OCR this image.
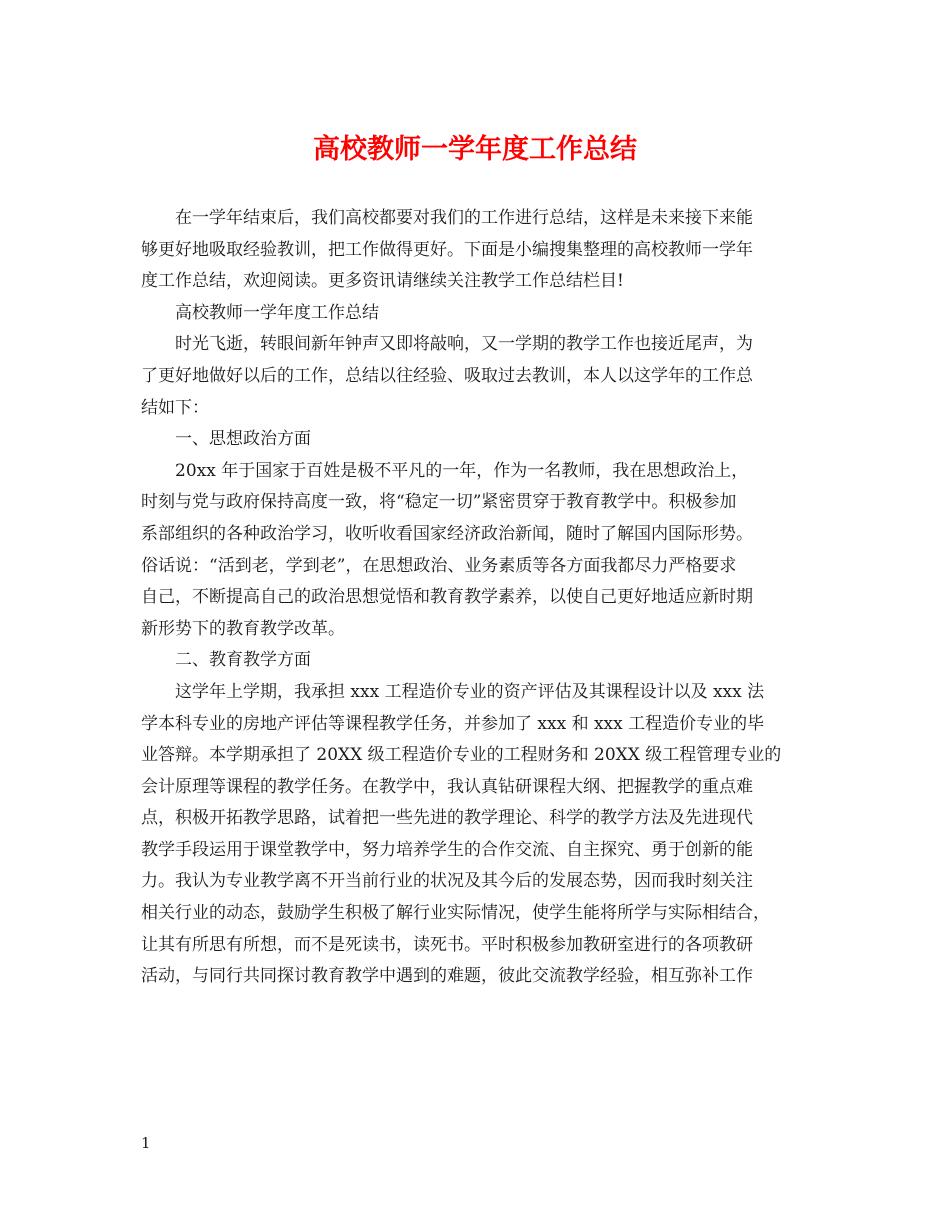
高校教师一学年度工作总结
在一学年结束后，我们高校都要对我们的工作进行总结，这样是未来接下来能
够更好地吸取经验教训，把工作做得更好。下面是小编搜集整理的高校教师一学年
度工作总结，欢迎阅读。更多资讯请继续关注教学工作总结栏目!
高校教师一学年度工作总结
时光飞逝，转眼间新年钟声又即将敲响，又一学期的教学工作也接近尾声，为
了更好地做好以后的工作，总结以往经验、吸取过去教训，本人以这学年的工作总
结如下：
一、思想政治方面
20xx 年于国家于百姓是极不平凡的一年，作为一名教师，我在思想政治上，
时刻与党与政府保持高度一致，将“稳定一切”紧密贯穿于教育教学中。积极参加
系部组织的各种政治学习，收听收看国家经济政治新闻，随时了解国内国际形势。
俗话说：“活到老，学到老”，在思想政治、业务素质等各方面我都尽力严格要求
自己，不断提高自己的政治思想觉悟和教育教学素养，以使自己更好地适应新时期
新形势下的教育教学改革。
二、教育教学方面
这学年上学期，我承担 xxx 工程造价专业的资产评估及其课程设计以及 xxx 法
学本科专业的房地产评估等课程教学任务，并参加了 xxx 和 xxx 工程造价专业的毕
业答辩。本学期承担了 20XX 级工程造价专业的工程财务和 20XX 级工程管理专业的
会计原理等课程的教学任务。在教学中，我认真钻研课程大纲、把握教学的重点难
点，积极开拓教学思路，试着把一些先进的教学理论、科学的教学方法及先进现代
教学手段运用于课堂教学中，努力培养学生的合作交流、自主探究、勇于创新的能
力。我认为专业教学离不开当前行业的状况及其今后的发展态势，因而我时刻关注
相关行业的动态，鼓励学生积极了解行业实际情况，使学生能将所学与实际相结合，
让其有所思有所想，而不是死读书，读死书。平时积极参加教研室进行的各项教研
活动，与同行共同探讨教育教学中遇到的难题，彼此交流教学经验，相互弥补工作
1
